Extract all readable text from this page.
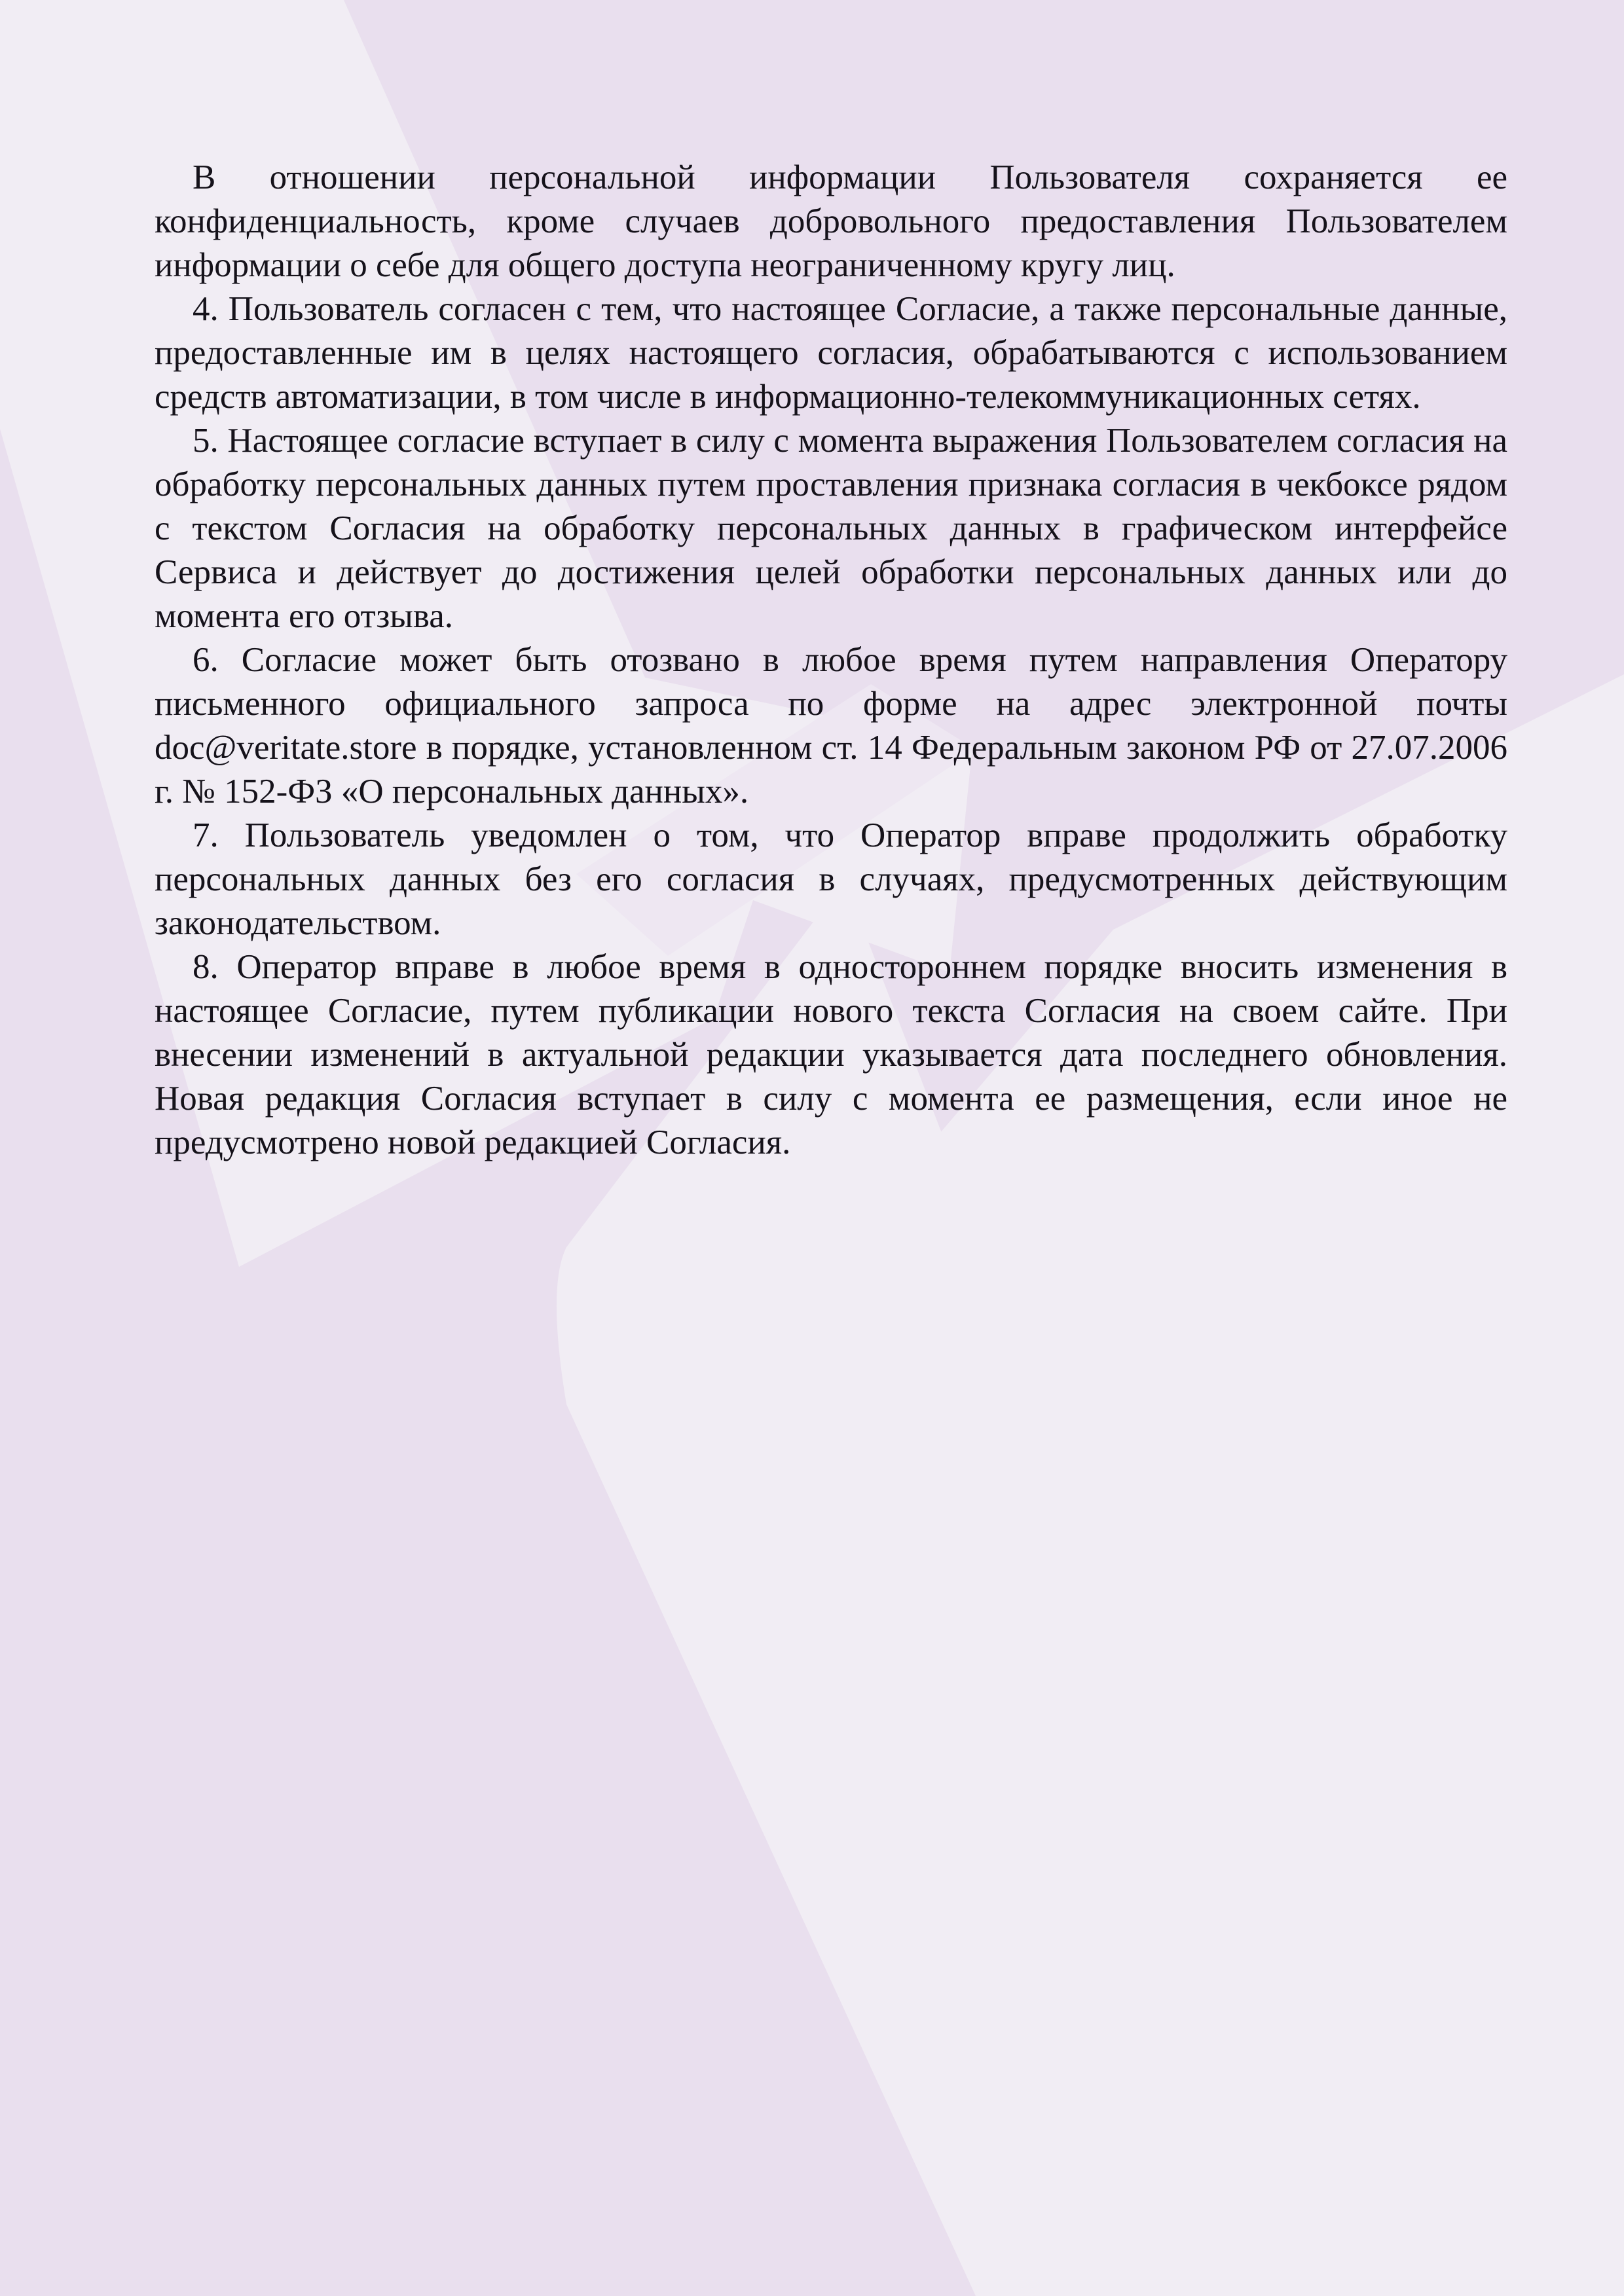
В отношении персональной информации Пользователя сохраняется ее конфиденциальность, кроме случаев добровольного предоставления Пользователем информации о себе для общего доступа неограниченному кругу лиц.

4. Пользователь согласен с тем, что настоящее Согласие, а также персональные данные, предоставленные им в целях настоящего согласия, обрабатываются с использованием средств автоматизации, в том числе в информационно-телекоммуникационных сетях.

5. Настоящее согласие вступает в силу с момента выражения Пользователем согласия на обработку персональных данных путем проставления признака согласия в чекбоксе рядом с текстом Согласия на обработку персональных данных в графическом интерфейсе Сервиса и действует до достижения целей обработки персональных данных или до момента его отзыва.

6. Согласие может быть отозвано в любое время путем направления Оператору письменного официального запроса по форме на адрес электронной почты doc@veritate.store в порядке, установленном ст. 14 Федеральным законом РФ от 27.07.2006 г. № 152-ФЗ «О персональных данных».

7. Пользователь уведомлен о том, что Оператор вправе продолжить обработку персональных данных без его согласия в случаях, предусмотренных действующим законодательством.

8. Оператор вправе в любое время в одностороннем порядке вносить изменения в настоящее Согласие, путем публикации нового текста Согласия на своем сайте. При внесении изменений в актуальной редакции указывается дата последнего обновления. Новая редакция Согласия вступает в силу с момента ее размещения, если иное не предусмотрено новой редакцией Согласия.
